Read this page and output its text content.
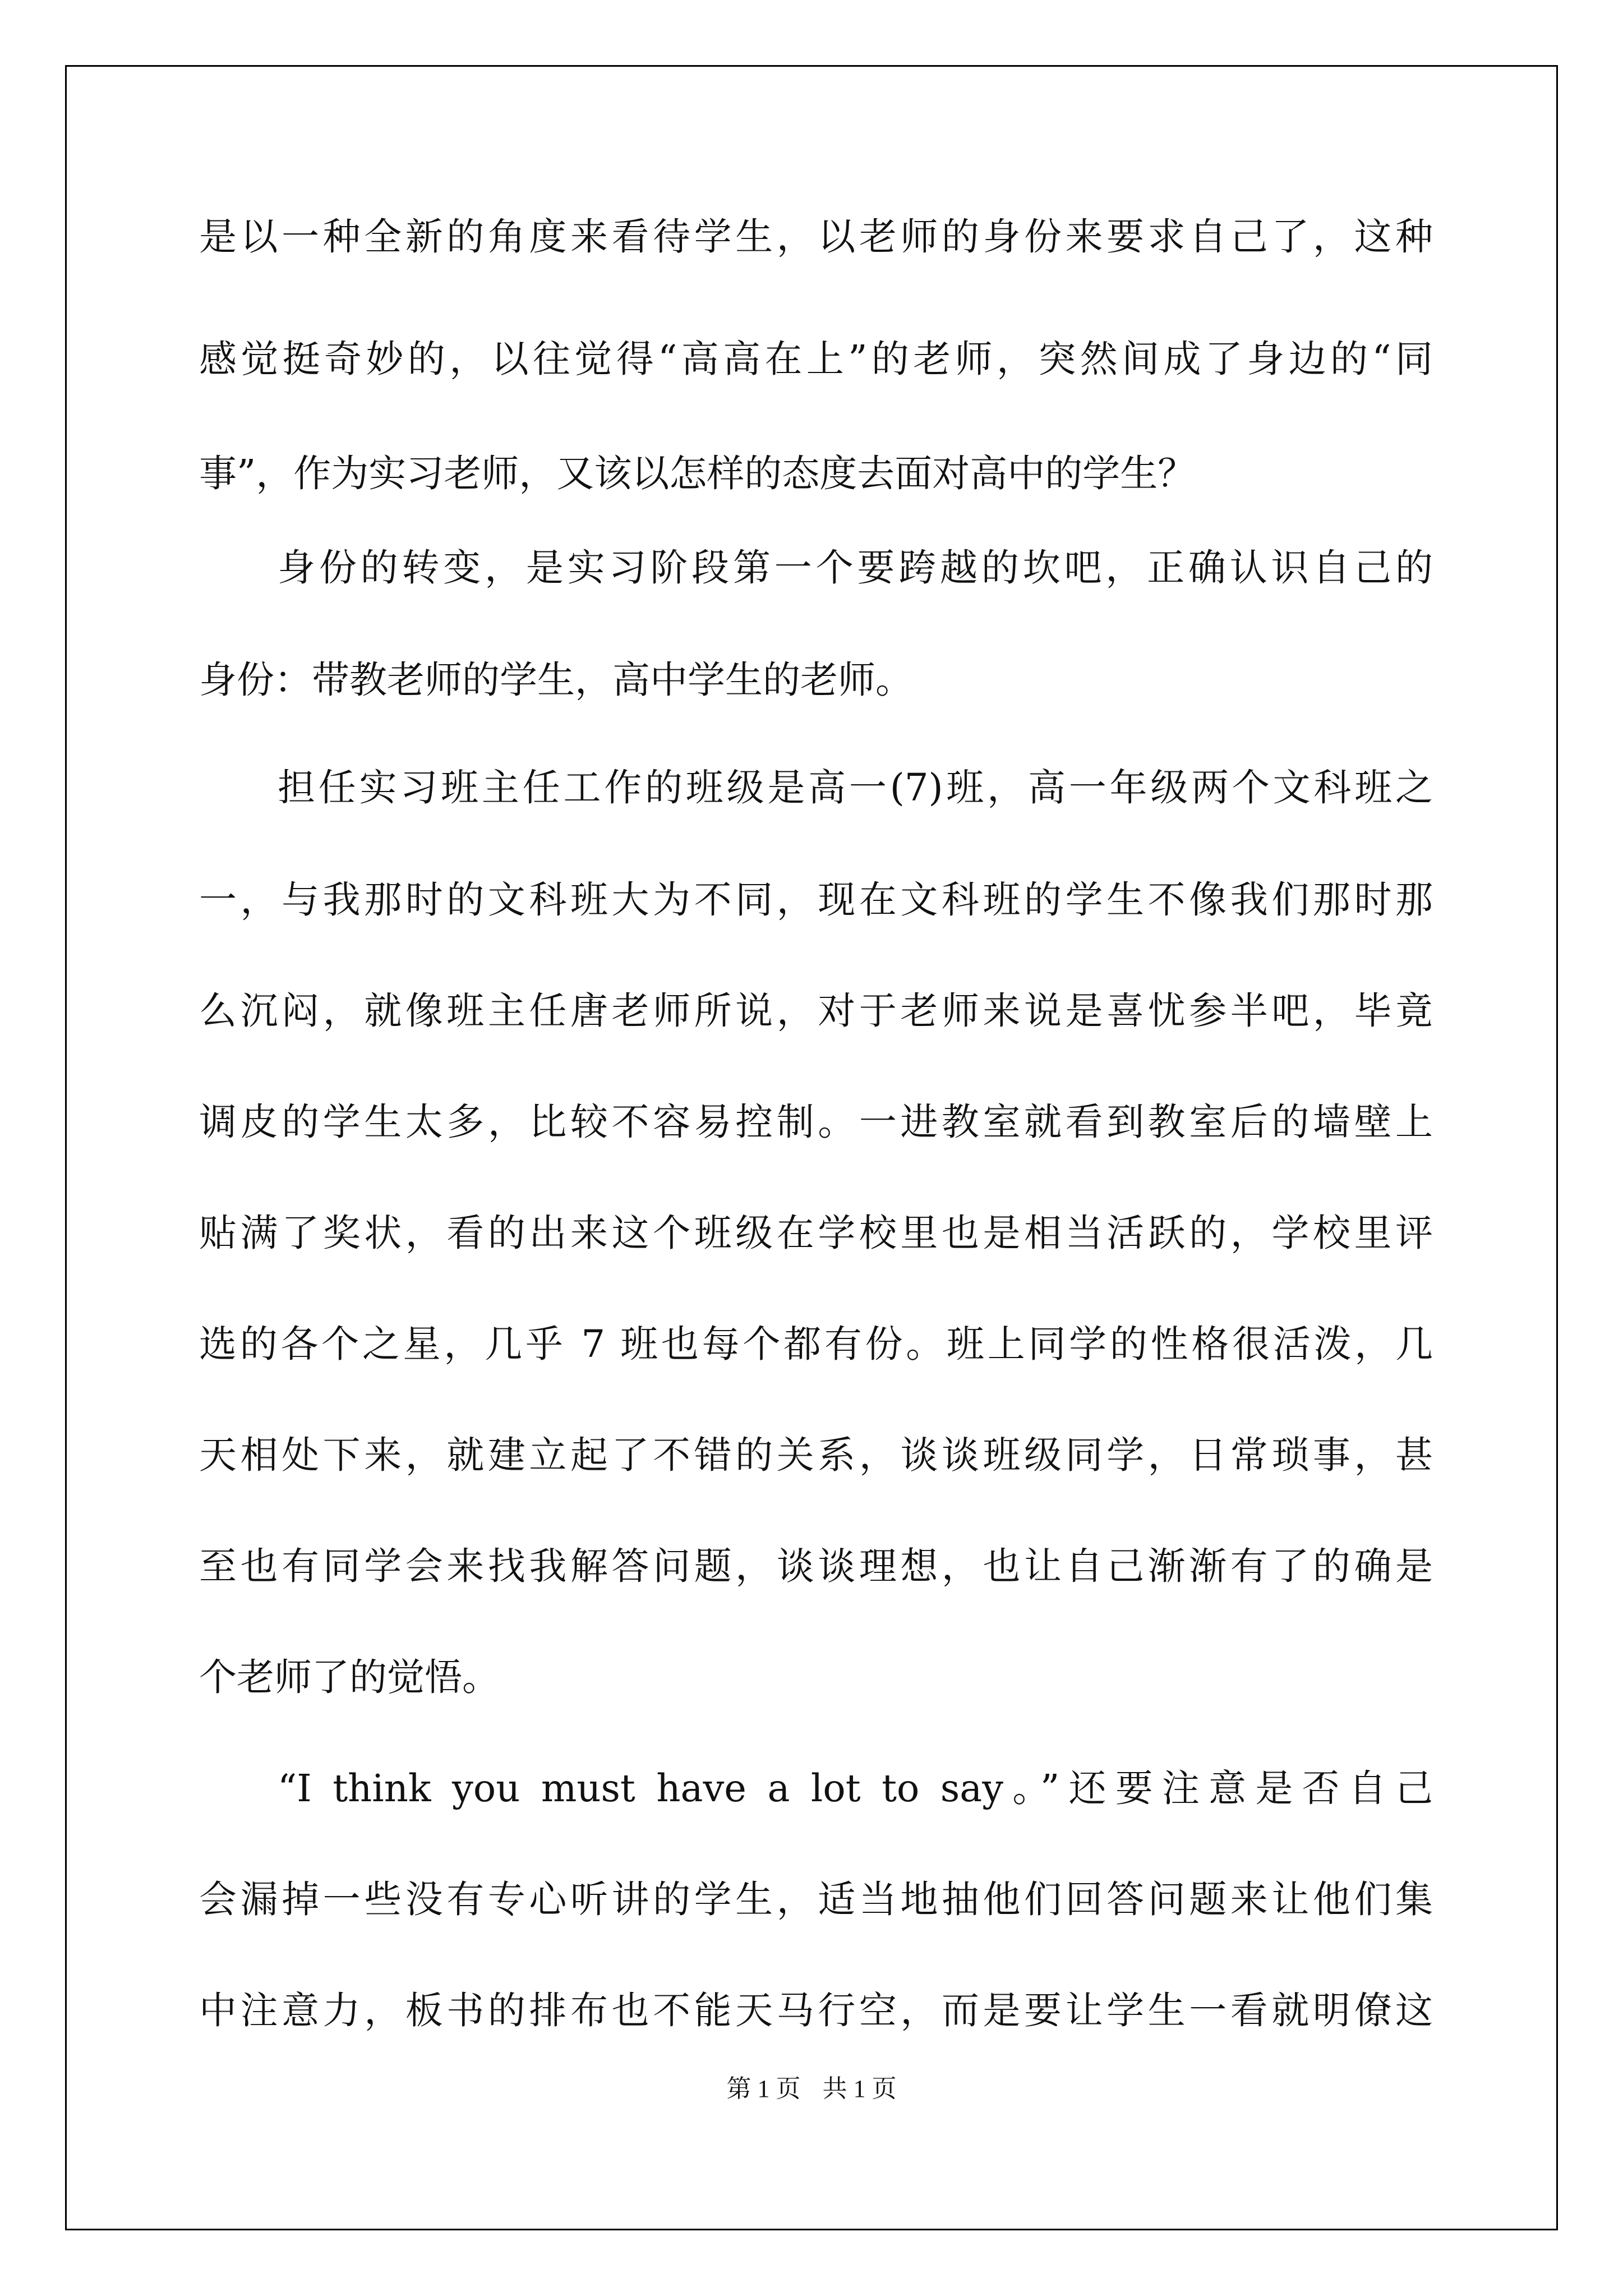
是以一种全新的角度来看待学生，以老师的身份来要求自己了，这种
感觉挺奇妙的，以往觉得“高高在上”的老师，突然间成了身边的“同
事”，作为实习老师，又该以怎样的态度去面对高中的学生？
身份的转变，是实习阶段第一个要跨越的坎吧，正确认识自己的
身份：带教老师的学生，高中学生的老师。
担任实习班主任工作的班级是高一(7)班，高一年级两个文科班之
一，与我那时的文科班大为不同，现在文科班的学生不像我们那时那
么沉闷，就像班主任唐老师所说，对于老师来说是喜忧参半吧，毕竟
调皮的学生太多，比较不容易控制。一进教室就看到教室后的墙壁上
贴满了奖状，看的出来这个班级在学校里也是相当活跃的，学校里评
选的各个之星，几乎 7 班也每个都有份。班上同学的性格很活泼，几
天相处下来，就建立起了不错的关系，谈谈班级同学，日常琐事，甚
至也有同学会来找我解答问题，谈谈理想，也让自己渐渐有了的确是
个老师了的觉悟。
“I think you must have a lot to say。”还要注意是否自己
会漏掉一些没有专心听讲的学生，适当地抽他们回答问题来让他们集
中注意力，板书的排布也不能天马行空，而是要让学生一看就明僚这
第 1 页 共 1 页
